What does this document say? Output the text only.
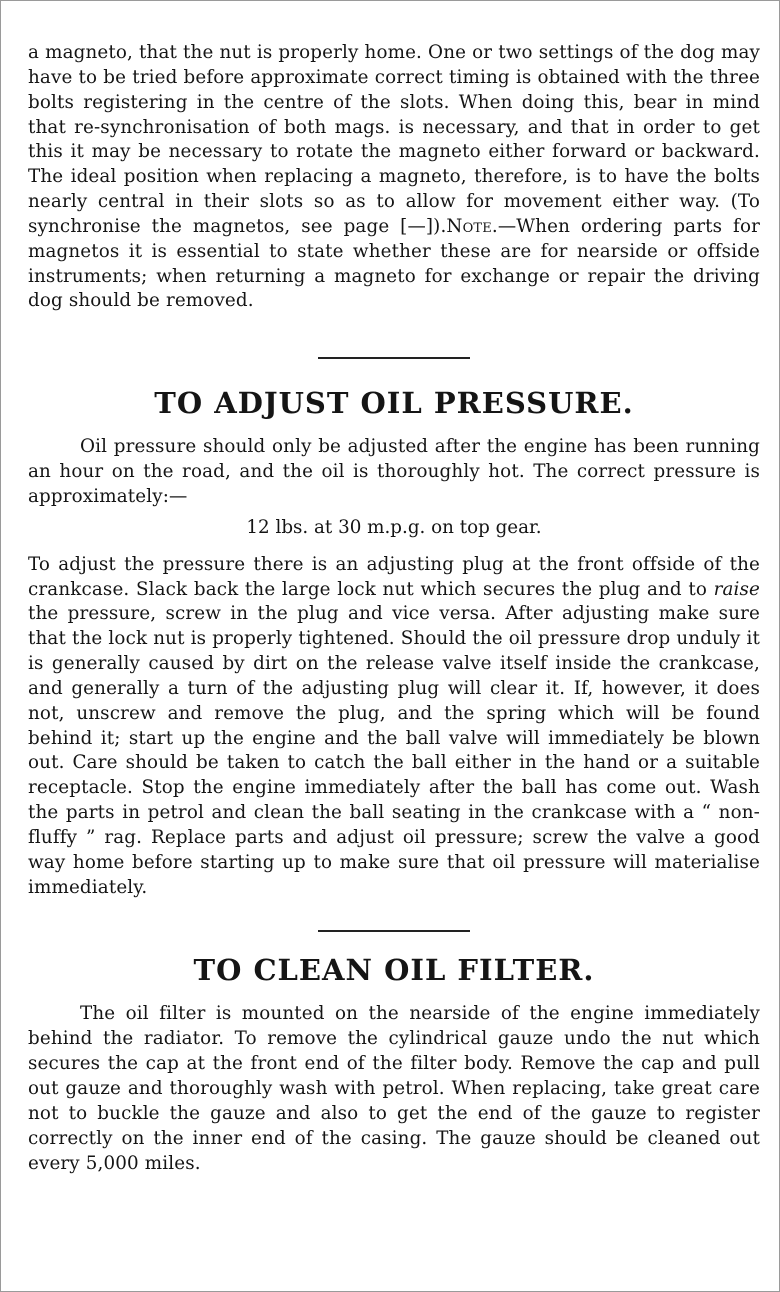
a magneto, that the nut is properly home. One or two settings of the dog may have to be tried before approximate correct timing is obtained with the three bolts registering in the centre of the slots. When doing this, bear in mind that re-synchronisation of both mags. is necessary, and that in order to get this it may be necessary to rotate the magneto either forward or backward. The ideal position when replacing a magneto, therefore, is to have the bolts nearly central in their slots so as to allow for movement either way. (To synchronise the magnetos, see page [—]).Note.—When ordering parts for magnetos it is essential to state whether these are for nearside or offside instruments; when returning a magneto for exchange or repair the driving dog should be removed.

TO ADJUST OIL PRESSURE.

Oil pressure should only be adjusted after the engine has been running an hour on the road, and the oil is thoroughly hot. The correct pressure is approximately:—

12 lbs. at 30 m.p.g. on top gear.

To adjust the pressure there is an adjusting plug at the front offside of the crankcase. Slack back the large lock nut which secures the plug and to raise the pressure, screw in the plug and vice versa. After adjusting make sure that the lock nut is properly tightened. Should the oil pressure drop unduly it is generally caused by dirt on the release valve itself inside the crankcase, and generally a turn of the adjusting plug will clear it. If, however, it does not, unscrew and remove the plug, and the spring which will be found behind it; start up the engine and the ball valve will immediately be blown out. Care should be taken to catch the ball either in the hand or a suitable receptacle. Stop the engine immediately after the ball has come out. Wash the parts in petrol and clean the ball seating in the crankcase with a “ non-fluffy ” rag. Replace parts and adjust oil pressure; screw the valve a good way home before starting up to make sure that oil pressure will materialise immediately.

TO CLEAN OIL FILTER.

The oil filter is mounted on the nearside of the engine immediately behind the radiator. To remove the cylindrical gauze undo the nut which secures the cap at the front end of the filter body. Remove the cap and pull out gauze and thoroughly wash with petrol. When replacing, take great care not to buckle the gauze and also to get the end of the gauze to register correctly on the inner end of the casing. The gauze should be cleaned out every 5,000 miles.
